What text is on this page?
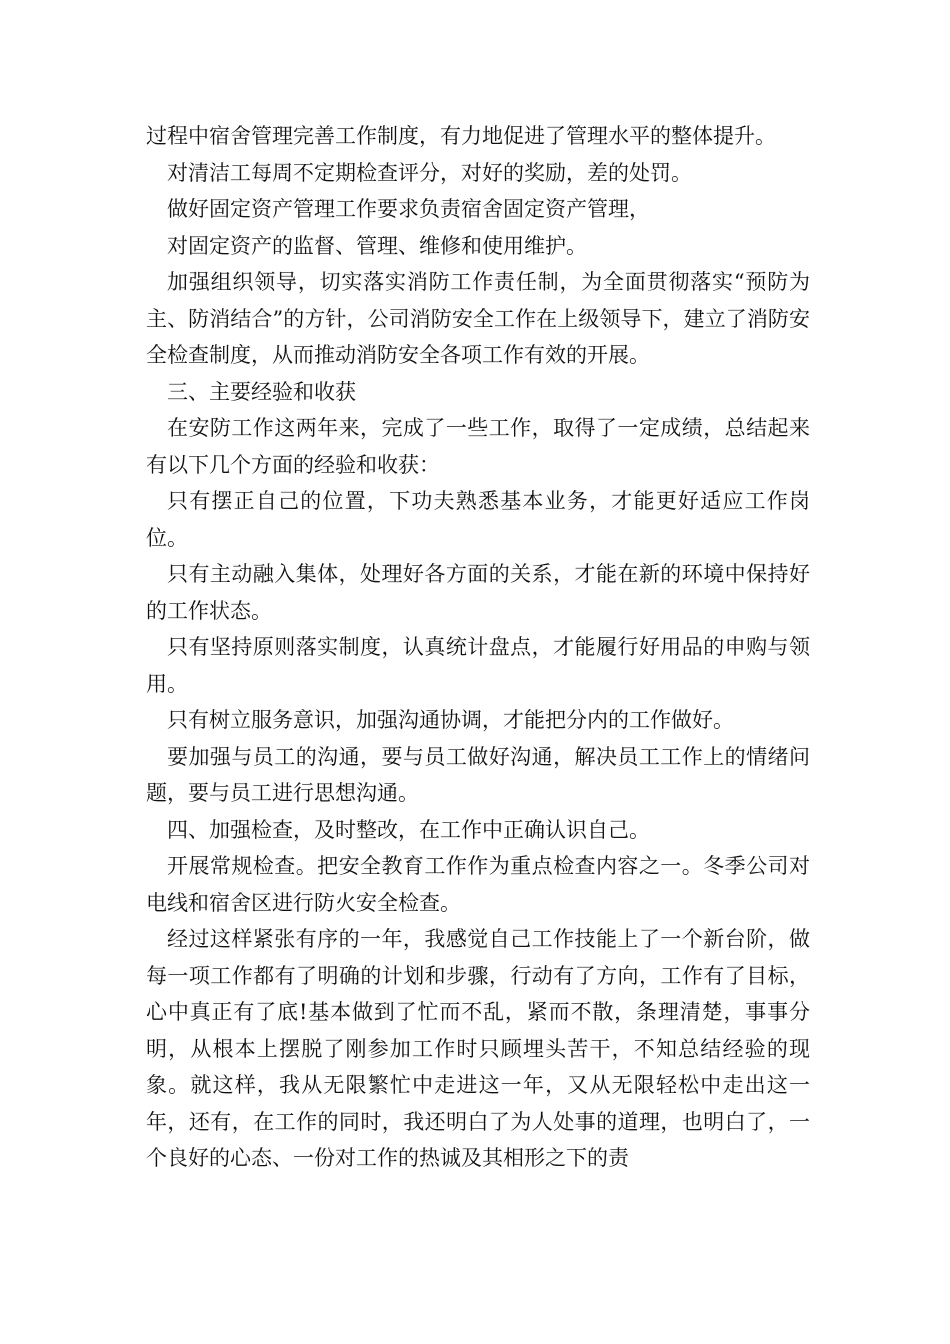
过程中宿舍管理完善工作制度，有力地促进了管理水平的整体提升。

对清洁工每周不定期检查评分，对好的奖励，差的处罚。

做好固定资产管理工作要求负责宿舍固定资产管理，

对固定资产的监督、管理、维修和使用维护。

加强组织领导，切实落实消防工作责任制，为全面贯彻落实“预防为主、防消结合”的方针，公司消防安全工作在上级领导下，建立了消防安全检查制度，从而推动消防安全各项工作有效的开展。

三、主要经验和收获

在安防工作这两年来，完成了一些工作，取得了一定成绩，总结起来有以下几个方面的经验和收获：

只有摆正自己的位置，下功夫熟悉基本业务，才能更好适应工作岗位。

只有主动融入集体，处理好各方面的关系，才能在新的环境中保持好的工作状态。

只有坚持原则落实制度，认真统计盘点，才能履行好用品的申购与领用。

只有树立服务意识，加强沟通协调，才能把分内的工作做好。

要加强与员工的沟通，要与员工做好沟通，解决员工工作上的情绪问题，要与员工进行思想沟通。

四、加强检查，及时整改，在工作中正确认识自己。

开展常规检查。把安全教育工作作为重点检查内容之一。冬季公司对电线和宿舍区进行防火安全检查。

经过这样紧张有序的一年，我感觉自己工作技能上了一个新台阶，做每一项工作都有了明确的计划和步骤，行动有了方向，工作有了目标，心中真正有了底!基本做到了忙而不乱，紧而不散，条理清楚，事事分明，从根本上摆脱了刚参加工作时只顾埋头苦干，不知总结经验的现象。就这样，我从无限繁忙中走进这一年，又从无限轻松中走出这一年，还有，在工作的同时，我还明白了为人处事的道理，也明白了，一个良好的心态、一份对工作的热诚及其相形之下的责
